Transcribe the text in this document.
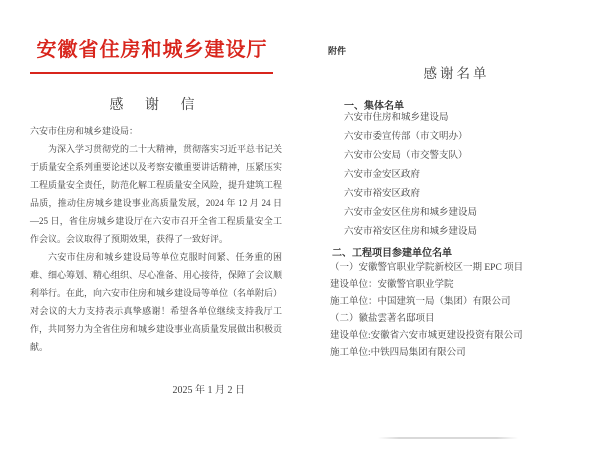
安徽省住房和城乡建设厅
感 谢 信

六安市住房和城乡建设局：

为深入学习贯彻党的二十大精神，贯彻落实习近平总书记关于质量安全系列重要论述以及考察安徽重要讲话精神，压紧压实工程质量安全责任，防范化解工程质量安全风险，提升建筑工程品质，推动住房城乡建设事业高质量发展，2024 年 12 月 24 日—25 日，省住房城乡建设厅在六安市召开全省工程质量安全工作会议。会议取得了预期效果，获得了一致好评。

六安市住房和城乡建设局等单位克服时间紧、任务重的困难、细心筹划、精心组织、尽心准备、用心接待，保障了会议顺利举行。在此，向六安市住房和城乡建设局等单位（名单附后）对会议的大力支持表示真挚感谢！希望各单位继续支持我厅工作，共同努力为全省住房和城乡建设事业高质量发展做出积极贡献。

2025 年 1 月 2 日
附件
感谢名单
一、集体名单
六安市住房和城乡建设局
六安市委宣传部（市文明办）
六安市公安局（市交警支队）
六安市金安区政府
六安市裕安区政府
六安市金安区住房和城乡建设局
六安市裕安区住房和城乡建设局
二、工程项目参建单位名单
（一）安徽警官职业学院新校区一期 EPC 项目
建设单位：安徽警官职业学院
施工单位：中国建筑一局（集团）有限公司
（二）徽盐雲著名邸项目
建设单位:安徽省六安市城更建设投资有限公司
施工单位:中铁四局集团有限公司
